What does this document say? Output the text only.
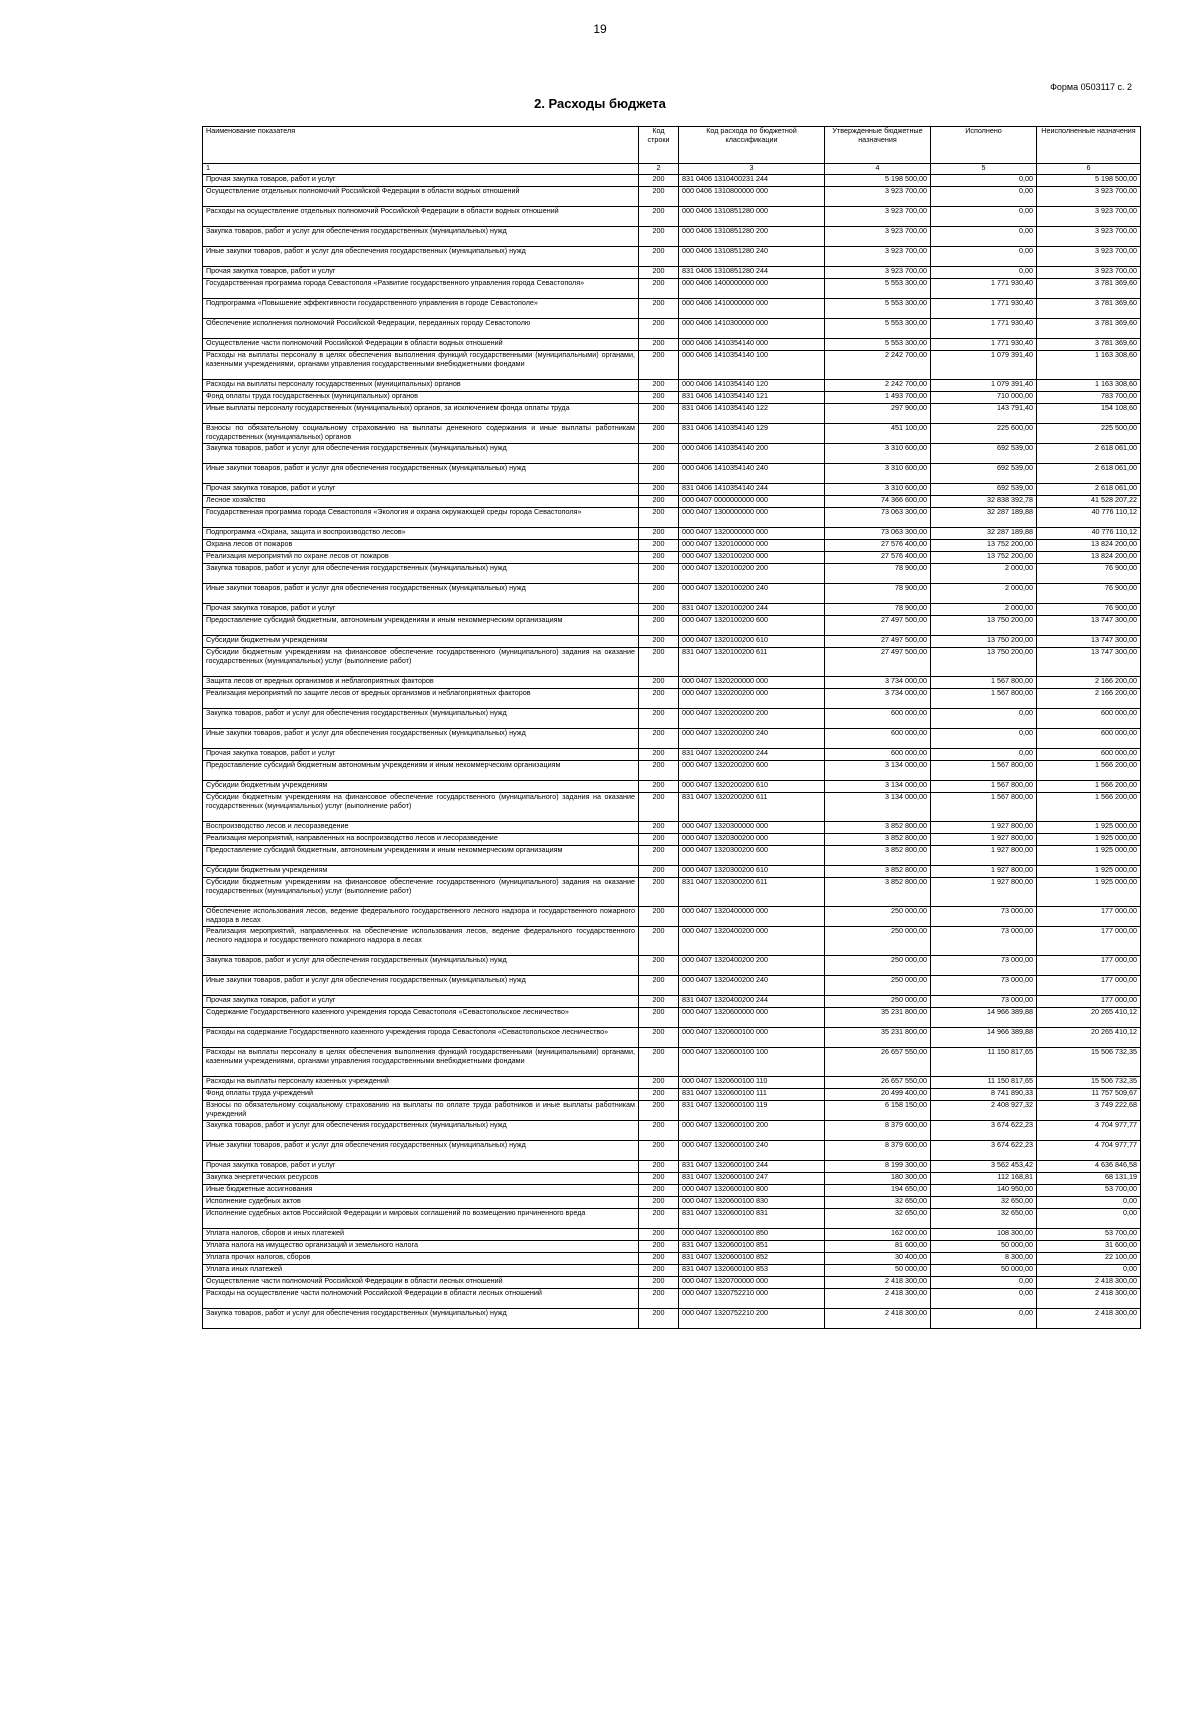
19
Форма 0503117 с. 2
2. Расходы бюджета
Наименование показателя	Код строки	Код расхода по бюджетной классификации	Утвержденные бюджетные назначения	Исполнено	Неисполненные назначения
1	2	3	4	5	6
Прочая закупка товаров, работ и услуг	200	831 0406 1310400231 244	5 198 500,00	0,00	5 198 500,00
Осуществление отдельных полномочий Российской Федерации в области водных отношений	200	000 0406 1310800000 000	3 923 700,00	0,00	3 923 700,00
Расходы на осуществление отдельных полномочий Российской Федерации в области водных отношений	200	000 0406 1310851280 000	3 923 700,00	0,00	3 923 700,00
Закупка товаров, работ и услуг для обеспечения государственных (муниципальных) нужд	200	000 0406 1310851280 200	3 923 700,00	0,00	3 923 700,00
Иные закупки товаров, работ и услуг для обеспечения государственных (муниципальных) нужд	200	000 0406 1310851280 240	3 923 700,00	0,00	3 923 700,00
Прочая закупка товаров, работ и услуг	200	831 0406 1310851280 244	3 923 700,00	0,00	3 923 700,00
Государственная программа города Севастополя «Развитие государственного управления города Севастополя»	200	000 0406 1400000000 000	5 553 300,00	1 771 930,40	3 781 369,60
Подпрограмма «Повышение эффективности государственного управления в городе Севастополе»	200	000 0406 1410000000 000	5 553 300,00	1 771 930,40	3 781 369,60
Обеспечение исполнения полномочий Российской Федерации, переданных городу Севастополю	200	000 0406 1410300000 000	5 553 300,00	1 771 930,40	3 781 369,60
Осуществление части полномочий Российской Федерации в области водных отношений	200	000 0406 1410354140 000	5 553 300,00	1 771 930,40	3 781 369,60
Расходы на выплаты персоналу в целях обеспечения выполнения функций государственными (муниципальными) органами, казенными учреждениями, органами управления государственными внебюджетными фондами	200	000 0406 1410354140 100	2 242 700,00	1 079 391,40	1 163 308,60
Расходы на выплаты персоналу государственных (муниципальных) органов	200	000 0406 1410354140 120	2 242 700,00	1 079 391,40	1 163 308,60
Фонд оплаты труда государственных (муниципальных) органов	200	831 0406 1410354140 121	1 493 700,00	710 000,00	783 700,00
Иные выплаты персоналу государственных (муниципальных) органов, за исключением фонда оплаты труда	200	831 0406 1410354140 122	297 900,00	143 791,40	154 108,60
Взносы по обязательному социальному страхованию на выплаты денежного содержания и иные выплаты работникам государственных (муниципальных) органов	200	831 0406 1410354140 129	451 100,00	225 600,00	225 500,00
Закупка товаров, работ и услуг для обеспечения государственных (муниципальных) нужд	200	000 0406 1410354140 200	3 310 600,00	692 539,00	2 618 061,00
Иные закупки товаров, работ и услуг для обеспечения государственных (муниципальных) нужд	200	000 0406 1410354140 240	3 310 600,00	692 539,00	2 618 061,00
Прочая закупка товаров, работ и услуг	200	831 0406 1410354140 244	3 310 600,00	692 539,00	2 618 061,00
Лесное хозяйство	200	000 0407 0000000000 000	74 366 600,00	32 838 392,78	41 528 207,22
Государственная программа города Севастополя «Экология и охрана окружающей среды города Севастополя»	200	000 0407 1300000000 000	73 063 300,00	32 287 189,88	40 776 110,12
Подпрограмма «Охрана, защита и воспроизводство лесов»	200	000 0407 1320000000 000	73 063 300,00	32 287 189,88	40 776 110,12
Охрана лесов от пожаров	200	000 0407 1320100000 000	27 576 400,00	13 752 200,00	13 824 200,00
Реализация мероприятий по охране лесов от пожаров	200	000 0407 1320100200 000	27 576 400,00	13 752 200,00	13 824 200,00
Закупка товаров, работ и услуг для обеспечения государственных (муниципальных) нужд	200	000 0407 1320100200 200	78 900,00	2 000,00	76 900,00
Иные закупки товаров, работ и услуг для обеспечения государственных (муниципальных) нужд	200	000 0407 1320100200 240	78 900,00	2 000,00	76 900,00
Прочая закупка товаров, работ и услуг	200	831 0407 1320100200 244	78 900,00	2 000,00	76 900,00
Предоставление субсидий бюджетным, автономным учреждениям и иным некоммерческим организациям	200	000 0407 1320100200 600	27 497 500,00	13 750 200,00	13 747 300,00
Субсидии бюджетным учреждениям	200	000 0407 1320100200 610	27 497 500,00	13 750 200,00	13 747 300,00
Субсидии бюджетным учреждениям на финансовое обеспечение государственного (муниципального) задания на оказание государственных (муниципальных) услуг (выполнение работ)	200	831 0407 1320100200 611	27 497 500,00	13 750 200,00	13 747 300,00
Защита лесов от вредных организмов и неблагоприятных факторов	200	000 0407 1320200000 000	3 734 000,00	1 567 800,00	2 166 200,00
Реализация мероприятий по защите лесов от вредных организмов и неблагоприятных факторов	200	000 0407 1320200200 000	3 734 000,00	1 567 800,00	2 166 200,00
Закупка товаров, работ и услуг для обеспечения государственных (муниципальных) нужд	200	000 0407 1320200200 200	600 000,00	0,00	600 000,00
Иные закупки товаров, работ и услуг для обеспечения государственных (муниципальных) нужд	200	000 0407 1320200200 240	600 000,00	0,00	600 000,00
Прочая закупка товаров, работ и услуг	200	831 0407 1320200200 244	600 000,00	0,00	600 000,00
Предоставление субсидий бюджетным автономным учреждениям и иным некоммерческим организациям	200	000 0407 1320200200 600	3 134 000,00	1 567 800,00	1 566 200,00
Субсидии бюджетным учреждениям	200	000 0407 1320200200 610	3 134 000,00	1 567 800,00	1 566 200,00
Субсидии бюджетным учреждениям на финансовое обеспечение государственного (муниципального) задания на оказание государственных (муниципальных) услуг (выполнение работ)	200	831 0407 1320200200 611	3 134 000,00	1 567 800,00	1 566 200,00
Воспроизводство лесов и лесоразведение	200	000 0407 1320300000 000	3 852 800,00	1 927 800,00	1 925 000,00
Реализация мероприятий, направленных на воспроизводство лесов и лесоразведение	200	000 0407 1320300200 000	3 852 800,00	1 927 800,00	1 925 000,00
Предоставление субсидий бюджетным, автономным учреждениям и иным некоммерческим организациям	200	000 0407 1320300200 600	3 852 800,00	1 927 800,00	1 925 000,00
Субсидии бюджетным учреждениям	200	000 0407 1320300200 610	3 852 800,00	1 927 800,00	1 925 000,00
Субсидии бюджетным учреждениям на финансовое обеспечение государственного (муниципального) задания на оказание государственных (муниципальных) услуг (выполнение работ)	200	831 0407 1320300200 611	3 852 800,00	1 927 800,00	1 925 000,00
Обеспечение использования лесов, ведение федерального государственного лесного надзора и государственного пожарного надзора в лесах	200	000 0407 1320400000 000	250 000,00	73 000,00	177 000,00
Реализация мероприятий, направленных на обеспечение использования лесов, ведение федерального государственного лесного надзора и государственного пожарного надзора в лесах	200	000 0407 1320400200 000	250 000,00	73 000,00	177 000,00
Закупка товаров, работ и услуг для обеспечения государственных (муниципальных) нужд	200	000 0407 1320400200 200	250 000,00	73 000,00	177 000,00
Иные закупки товаров, работ и услуг для обеспечения государственных (муниципальных) нужд	200	000 0407 1320400200 240	250 000,00	73 000,00	177 000,00
Прочая закупка товаров, работ и услуг	200	831 0407 1320400200 244	250 000,00	73 000,00	177 000,00
Содержание Государственного казенного учреждения города Севастополя «Севастопольское лесничество»	200	000 0407 1320600000 000	35 231 800,00	14 966 389,88	20 265 410,12
Расходы на содержание Государственного казенного учреждения города Севастополя «Севастопольское лесничество»	200	000 0407 1320600100 000	35 231 800,00	14 966 389,88	20 265 410,12
Расходы на выплаты персоналу в целях обеспечения выполнения функций государственными (муниципальными) органами, казенными учреждениями, органами управления государственными внебюджетными фондами	200	000 0407 1320600100 100	26 657 550,00	11 150 817,65	15 506 732,35
Расходы на выплаты персоналу казенных учреждений	200	000 0407 1320600100 110	26 657 550,00	11 150 817,65	15 506 732,35
Фонд оплаты труда учреждений	200	831 0407 1320600100 111	20 499 400,00	8 741 890,33	11 757 509,67
Взносы по обязательному социальному страхованию на выплаты по оплате труда работников и иные выплаты работникам учреждений	200	831 0407 1320600100 119	6 158 150,00	2 408 927,32	3 749 222,68
Закупка товаров, работ и услуг для обеспечения государственных (муниципальных) нужд	200	000 0407 1320600100 200	8 379 600,00	3 674 622,23	4 704 977,77
Иные закупки товаров, работ и услуг для обеспечения государственных (муниципальных) нужд	200	000 0407 1320600100 240	8 379 600,00	3 674 622,23	4 704 977,77
Прочая закупка товаров, работ и услуг	200	831 0407 1320600100 244	8 199 300,00	3 562 453,42	4 636 846,58
Закупка энергетических ресурсов	200	831 0407 1320600100 247	180 300,00	112 168,81	68 131,19
Иные бюджетные ассигнования	200	000 0407 1320600100 800	194 650,00	140 950,00	53 700,00
Исполнение судебных актов	200	000 0407 1320600100 830	32 650,00	32 650,00	0,00
Исполнение судебных актов Российской Федерации и мировых соглашений по возмещению причиненного вреда	200	831 0407 1320600100 831	32 650,00	32 650,00	0,00
Уплата налогов, сборов и иных платежей	200	000 0407 1320600100 850	162 000,00	108 300,00	53 700,00
Уплата налога на имущество организаций и земельного налога	200	831 0407 1320600100 851	81 600,00	50 000,00	31 600,00
Уплата прочих налогов, сборов	200	831 0407 1320600100 852	30 400,00	8 300,00	22 100,00
Уплата иных платежей	200	831 0407 1320600100 853	50 000,00	50 000,00	0,00
Осуществление части полномочий Российской Федерации в области лесных отношений	200	000 0407 1320700000 000	2 418 300,00	0,00	2 418 300,00
Расходы на осуществление части полномочий Российской Федерации в области лесных отношений	200	000 0407 1320752210 000	2 418 300,00	0,00	2 418 300,00
Закупка товаров, работ и услуг для обеспечения государственных (муниципальных) нужд	200	000 0407 1320752210 200	2 418 300,00	0,00	2 418 300,00
